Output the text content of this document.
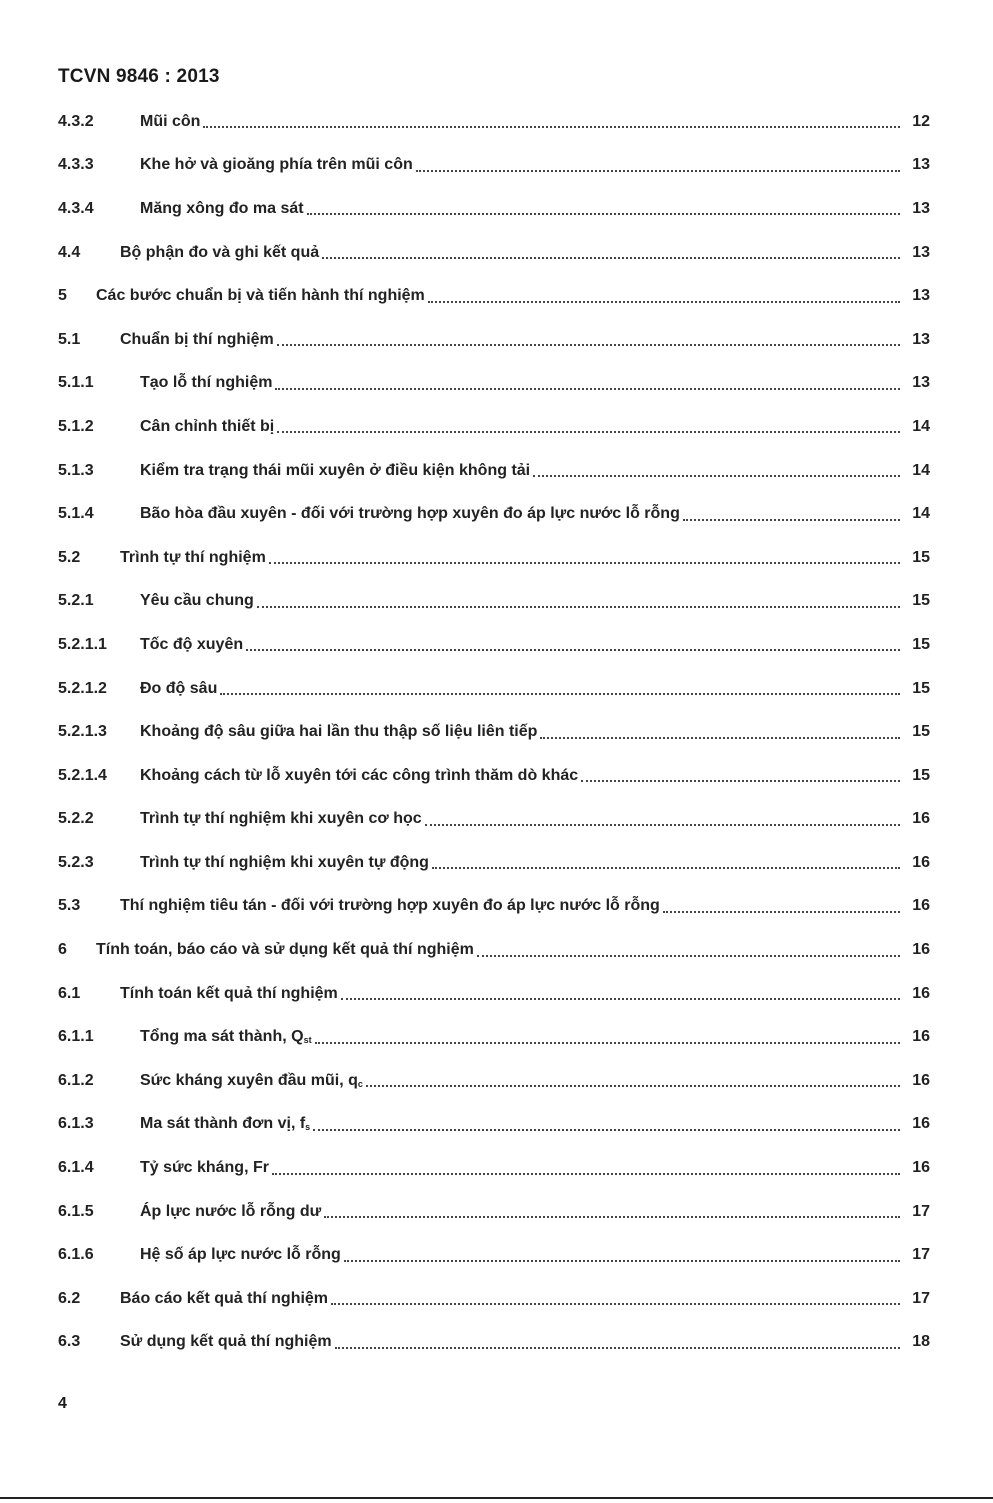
TCVN 9846 : 2013
4.3.2	Mũi côn	12
4.3.3	Khe hở và gioăng phía trên mũi côn	13
4.3.4	Măng xông đo ma sát	13
4.4	Bộ phận đo và ghi kết quả	13
5	Các bước chuẩn bị và tiến hành thí nghiệm	13
5.1	Chuẩn bị thí nghiệm	13
5.1.1	Tạo lỗ thí nghiệm	13
5.1.2	Cân chỉnh thiết bị	14
5.1.3	Kiểm tra trạng thái mũi xuyên ở điều kiện không tải	14
5.1.4	Bão hòa đầu xuyên - đối với trường hợp xuyên đo áp lực nước lỗ rỗng	14
5.2	Trình tự thí nghiệm	15
5.2.1	Yêu cầu chung	15
5.2.1.1	Tốc độ xuyên	15
5.2.1.2	Đo độ sâu	15
5.2.1.3	Khoảng độ sâu giữa hai lần thu thập số liệu liên tiếp	15
5.2.1.4	Khoảng cách từ lỗ xuyên tới các công trình thăm dò khác	15
5.2.2	Trình tự thí nghiệm khi xuyên cơ học	16
5.2.3	Trình tự thí nghiệm khi xuyên tự động	16
5.3	Thí nghiệm tiêu tán - đối với trường hợp xuyên đo áp lực nước lỗ rỗng	16
6	Tính toán, báo cáo và sử dụng kết quả thí nghiệm	16
6.1	Tính toán kết quả thí nghiệm	16
6.1.1	Tổng ma sát thành, $Q_{st}$	16
6.1.2	Sức kháng xuyên đầu mũi, $q_c$	16
6.1.3	Ma sát thành đơn vị, $f_s$	16
6.1.4	Tỷ sức kháng, Fr	16
6.1.5	Áp lực nước lỗ rỗng dư	17
6.1.6	Hệ số áp lực nước lỗ rỗng	17
6.2	Báo cáo kết quả thí nghiệm	17
6.3	Sử dụng kết quả thí nghiệm	18
4
